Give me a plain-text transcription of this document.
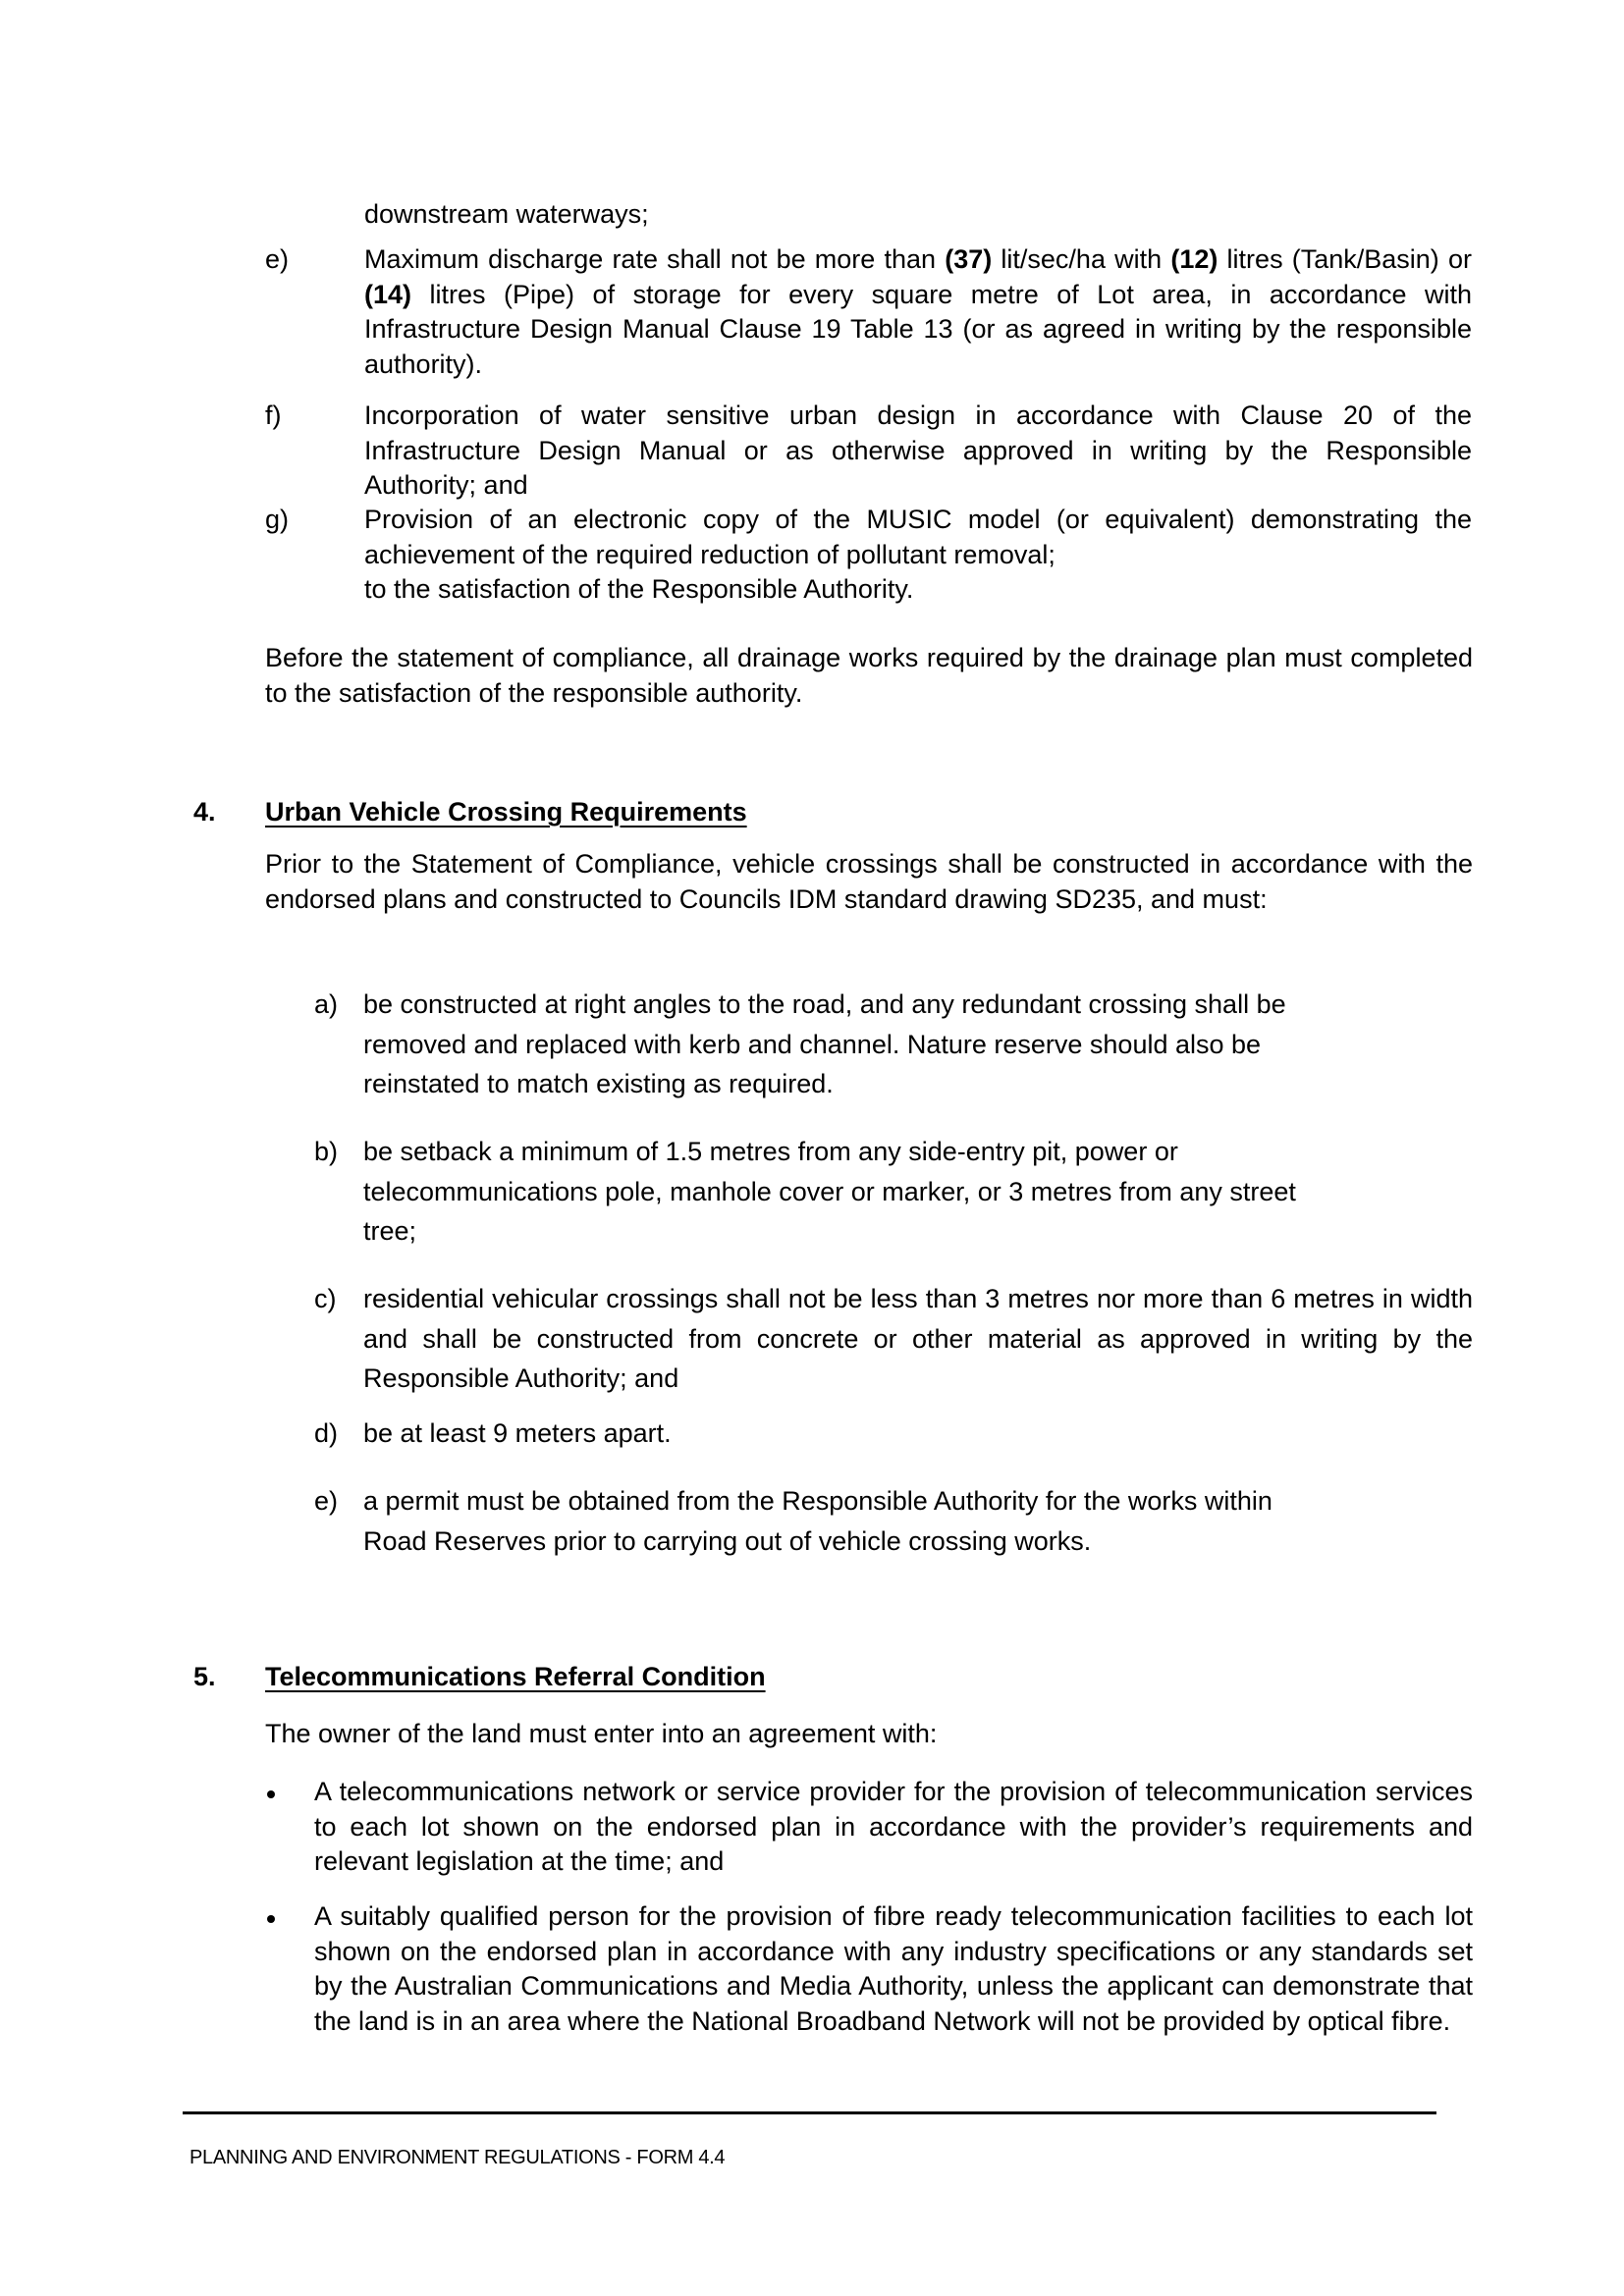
downstream waterways;

e)	Maximum discharge rate shall not be more than (37) lit/sec/ha with (12) litres (Tank/Basin) or (14) litres (Pipe) of storage for every square metre of Lot area, in accordance with Infrastructure Design Manual Clause 19 Table 13 (or as agreed in writing by the responsible authority).

f)	Incorporation of water sensitive urban design in accordance with Clause 20 of the Infrastructure Design Manual or as otherwise approved in writing by the Responsible Authority; and

g)	Provision of an electronic copy of the MUSIC model (or equivalent) demonstrating the achievement of the required reduction of pollutant removal;

to the satisfaction of the Responsible Authority.

Before the statement of compliance, all drainage works required by the drainage plan must completed to the satisfaction of the responsible authority.

4. Urban Vehicle Crossing Requirements

Prior to the Statement of Compliance, vehicle crossings shall be constructed in accordance with the endorsed plans and constructed to Councils IDM standard drawing SD235, and must:

a) be constructed at right angles to the road, and any redundant crossing shall be
removed and replaced with kerb and channel. Nature reserve should also be
reinstated to match existing as required.
b) be setback a minimum of 1.5 metres from any side-entry pit, power or
telecommunications pole, manhole cover or marker, or 3 metres from any street
tree;
c) residential vehicular crossings shall not be less than 3 metres nor more than 6 metres in width and shall be constructed from concrete or other material as approved in writing by the Responsible Authority; and

d) be at least 9 meters apart.

e) a permit must be obtained from the Responsible Authority for the works within
Road Reserves prior to carrying out of vehicle crossing works.
5. Telecommunications Referral Condition

The owner of the land must enter into an agreement with:

A telecommunications network or service provider for the provision of telecommunication services to each lot shown on the endorsed plan in accordance with the provider’s requirements and relevant legislation at the time; and

A suitably qualified person for the provision of fibre ready telecommunication facilities to each lot shown on the endorsed plan in accordance with any industry specifications or any standards set by the Australian Communications and Media Authority, unless the applicant can demonstrate that the land is in an area where the National Broadband Network will not be provided by optical fibre.

PLANNING AND ENVIRONMENT REGULATIONS - FORM 4.4
